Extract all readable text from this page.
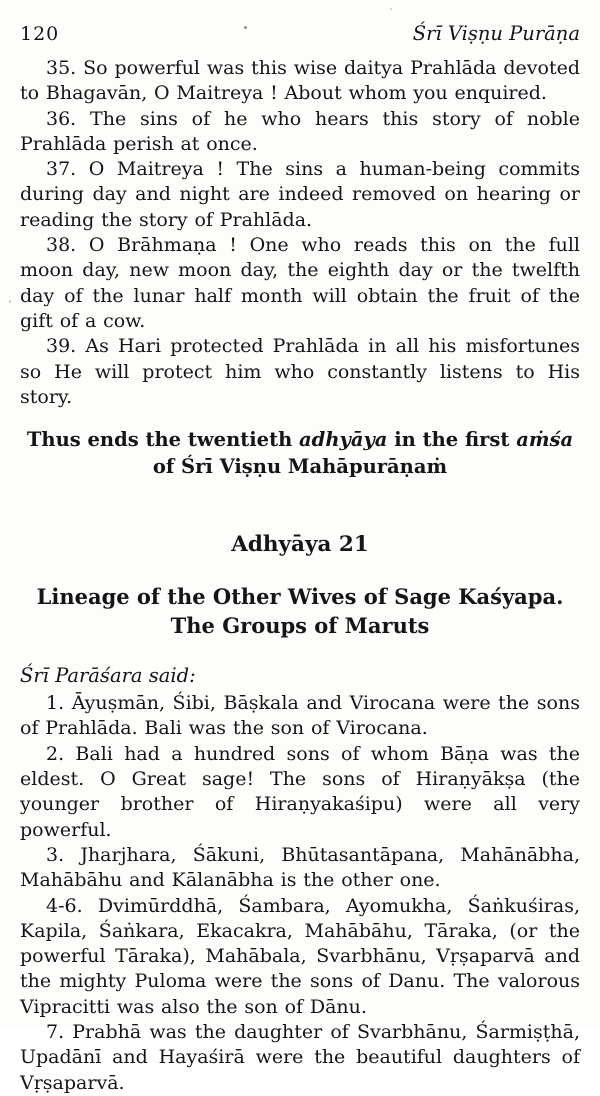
120	Śrī Viṣṇu Purāṇa

35. So powerful was this wise daitya Prahlāda devoted to Bhagavān, O Maitreya ! About whom you enquired.

36. The sins of he who hears this story of noble Prahlāda perish at once.

37. O Maitreya ! The sins a human-being commits during day and night are indeed removed on hearing or reading the story of Prahlāda.

38. O Brāhmaṇa ! One who reads this on the full moon day, new moon day, the eighth day or the twelfth day of the lunar half month will obtain the fruit of the gift of a cow.

39. As Hari protected Prahlāda in all his misfortunes so He will protect him who constantly listens to His story.

Thus ends the twentieth adhyāya in the first aṁśa
of Śrī Viṣṇu Mahāpurāṇaṁ

Adhyāya 21
Lineage of the Other Wives of Sage Kaśyapa.
The Groups of Maruts

Śrī Parāśara said:

1. Āyuṣmān, Śibi, Bāṣkala and Virocana were the sons of Prahlāda. Bali was the son of Virocana.

2. Bali had a hundred sons of whom Bāṇa was the eldest. O Great sage! The sons of Hiraṇyākṣa (the younger brother of Hiraṇyakaśipu) were all very powerful.

3. Jharjhara, Śākuni, Bhūtasantāpana, Mahānābha, Mahābāhu and Kālanābha is the other one.

4-6. Dvimūrddhā, Śambara, Ayomukha, Śaṅkuśiras, Kapila, Śaṅkara, Ekacakra, Mahābāhu, Tāraka, (or the powerful Tāraka), Mahābala, Svarbhānu, Vṛṣaparvā and the mighty Puloma were the sons of Danu. The valorous Vipracitti was also the son of Dānu.

7. Prabhā was the daughter of Svarbhānu, Śarmiṣṭhā, Upadānī and Hayaśirā were the beautiful daughters of Vṛṣaparvā.
